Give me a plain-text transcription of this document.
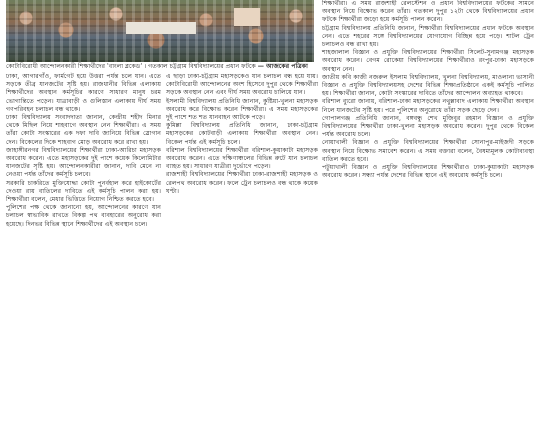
কোটাবিরোধী আন্দোলনকারী শিক্ষার্থীদের 'বাংলা ব্লকেড' । গতকাল চট্টগ্রাম বিশ্ববিদ্যালয়ের প্রধান ফটকে — আজকের পত্রিকা

ঢাকা, আগারগাঁও, ফার্মগেট হয়ে উত্তরা পর্যন্ত চলে যান। এতে সড়কে তীব্র যানজটের সৃষ্টি হয়। রাজধানীর বিভিন্ন এলাকায় শিক্ষার্থীদের অবস্থান কর্মসূচির কারণে সাধারণ মানুষ চরম ভোগান্তিতে পড়েন। যাত্রাবাড়ী ও গুলিস্তান এলাকায় দীর্ঘ সময় গণপরিবহন চলাচল বন্ধ থাকে।

ঢাকা বিশ্ববিদ্যালয় সংবাদদাতা জানান, কেন্দ্রীয় শহীদ মিনার থেকে মিছিল নিয়ে শাহবাগে অবস্থান নেন শিক্ষার্থীরা। এ সময় তাঁরা কোটা সংস্কারের এক দফা দাবি জানিয়ে বিভিন্ন স্লোগান দেন। বিকেলের দিকে শাহবাগ মোড় অবরোধ করে রাখা হয়।

জাহাঙ্গীরনগর বিশ্ববিদ্যালয়ের শিক্ষার্থীরা ঢাকা-আরিচা মহাসড়ক অবরোধ করেন। এতে মহাসড়কের দুই পাশে কয়েক কিলোমিটার যানজটের সৃষ্টি হয়। আন্দোলনকারীরা জানান, দাবি মেনে না নেওয়া পর্যন্ত তাঁদের কর্মসূচি চলবে।

সরকারি চাকরিতে মুক্তিযোদ্ধা কোটা পুনর্বহাল করে হাইকোর্টের দেওয়া রায় বাতিলের দাবিতে এই কর্মসূচি পালন করা হয়। শিক্ষার্থীরা বলেন, মেধার ভিত্তিতে নিয়োগ নিশ্চিত করতে হবে।

পুলিশের পক্ষ থেকে জানানো হয়, আন্দোলনের কারণে যান চলাচল স্বাভাবিক রাখতে বিকল্প পথ ব্যবহারের অনুরোধ করা হয়েছে। দিনভর বিভিন্ন স্থানে শিক্ষার্থীদের এই অবস্থান চলে।

এ ছাড়া ঢাকা-চট্টগ্রাম মহাসড়কেও যান চলাচল বন্ধ হয়ে যায়। কোটাবিরোধী আন্দোলনের অংশ হিসেবে দুপুর থেকে শিক্ষার্থীরা সড়কে অবস্থান নেন এবং দীর্ঘ সময় অবরোধ চালিয়ে যান।

ইসলামী বিশ্ববিদ্যালয় প্রতিনিধি জানান, কুষ্টিয়া-খুলনা মহাসড়ক অবরোধ করে বিক্ষোভ করেন শিক্ষার্থীরা। এ সময় মহাসড়কের দুই পাশে শত শত যানবাহন আটকে পড়ে।

কুমিল্লা বিশ্ববিদ্যালয় প্রতিনিধি জানান, ঢাকা-চট্টগ্রাম মহাসড়কের কোটবাড়ী এলাকায় শিক্ষার্থীরা অবস্থান নেন। বিকেল পর্যন্ত এই কর্মসূচি চলে।

বরিশাল বিশ্ববিদ্যালয়ের শিক্ষার্থীরা বরিশাল-কুয়াকাটা মহাসড়ক অবরোধ করেন। এতে দক্ষিণাঞ্চলের বিভিন্ন রুটে যান চলাচল ব্যাহত হয়। সাধারণ যাত্রীরা দুর্ভোগে পড়েন।

রাজশাহী বিশ্ববিদ্যালয়ের শিক্ষার্থীরা ঢাকা-রাজশাহী মহাসড়ক ও রেলপথ অবরোধ করেন। ফলে ট্রেন চলাচলও বন্ধ থাকে কয়েক ঘণ্টা।

শিক্ষার্থীরা। এ সময় রাজশাহী রেলস্টেশন ও প্রধান বিশ্ববিদ্যালয়ের ফটকের সামনে অবস্থান নিয়ে বিক্ষোভ করেন তাঁরা। গতকাল দুপুর ১২টা থেকে বিশ্ববিদ্যালয়ের প্রধান ফটকে শিক্ষার্থীরা জড়ো হয়ে কর্মসূচি পালন করেন।

চট্টগ্রাম বিশ্ববিদ্যালয় প্রতিনিধি জানান, শিক্ষার্থীরা বিশ্ববিদ্যালয়ের প্রধান ফটকে অবস্থান নেন। এতে শহরের সঙ্গে বিশ্ববিদ্যালয়ের যোগাযোগ বিচ্ছিন্ন হয়ে পড়ে। শাটল ট্রেন চলাচলও বন্ধ রাখা হয়।

শাহজালাল বিজ্ঞান ও প্রযুক্তি বিশ্ববিদ্যালয়ের শিক্ষার্থীরা সিলেট-সুনামগঞ্জ মহাসড়ক অবরোধ করেন। বেগম রোকেয়া বিশ্ববিদ্যালয়ের শিক্ষার্থীরাও রংপুর-ঢাকা মহাসড়কে অবস্থান নেন।

জাতীয় কবি কাজী নজরুল ইসলাম বিশ্ববিদ্যালয়, খুলনা বিশ্ববিদ্যালয়, মাওলানা ভাসানী বিজ্ঞান ও প্রযুক্তি বিশ্ববিদ্যালয়সহ দেশের বিভিন্ন শিক্ষাপ্রতিষ্ঠানে একই কর্মসূচি পালিত হয়। শিক্ষার্থীরা জানান, কোটা সংস্কারের দাবিতে তাঁদের আন্দোলন অব্যাহত থাকবে।

বরিশাল ব্যুরো জানায়, বরিশাল-ঢাকা মহাসড়কের নথুল্লাবাদ এলাকায় শিক্ষার্থীরা অবস্থান নিলে যানজটের সৃষ্টি হয়। পরে পুলিশের অনুরোধে তাঁরা সড়ক ছেড়ে দেন।

গোপালগঞ্জ প্রতিনিধি জানান, বঙ্গবন্ধু শেখ মুজিবুর রহমান বিজ্ঞান ও প্রযুক্তি বিশ্ববিদ্যালয়ের শিক্ষার্থীরা ঢাকা-খুলনা মহাসড়ক অবরোধ করেন। দুপুর থেকে বিকেল পর্যন্ত অবরোধ চলে।

নোয়াখালী বিজ্ঞান ও প্রযুক্তি বিশ্ববিদ্যালয়ের শিক্ষার্থীরা সোনাপুর-মাইজদী সড়কে অবস্থান নিয়ে বিক্ষোভ সমাবেশ করেন। এ সময় বক্তারা বলেন, বৈষম্যমূলক কোটাব্যবস্থা বাতিল করতে হবে।

পটুয়াখালী বিজ্ঞান ও প্রযুক্তি বিশ্ববিদ্যালয়ের শিক্ষার্থীরাও ঢাকা-কুয়াকাটা মহাসড়ক অবরোধ করেন। সন্ধ্যা পর্যন্ত দেশের বিভিন্ন স্থানে এই অবরোধ কর্মসূচি চলে।
